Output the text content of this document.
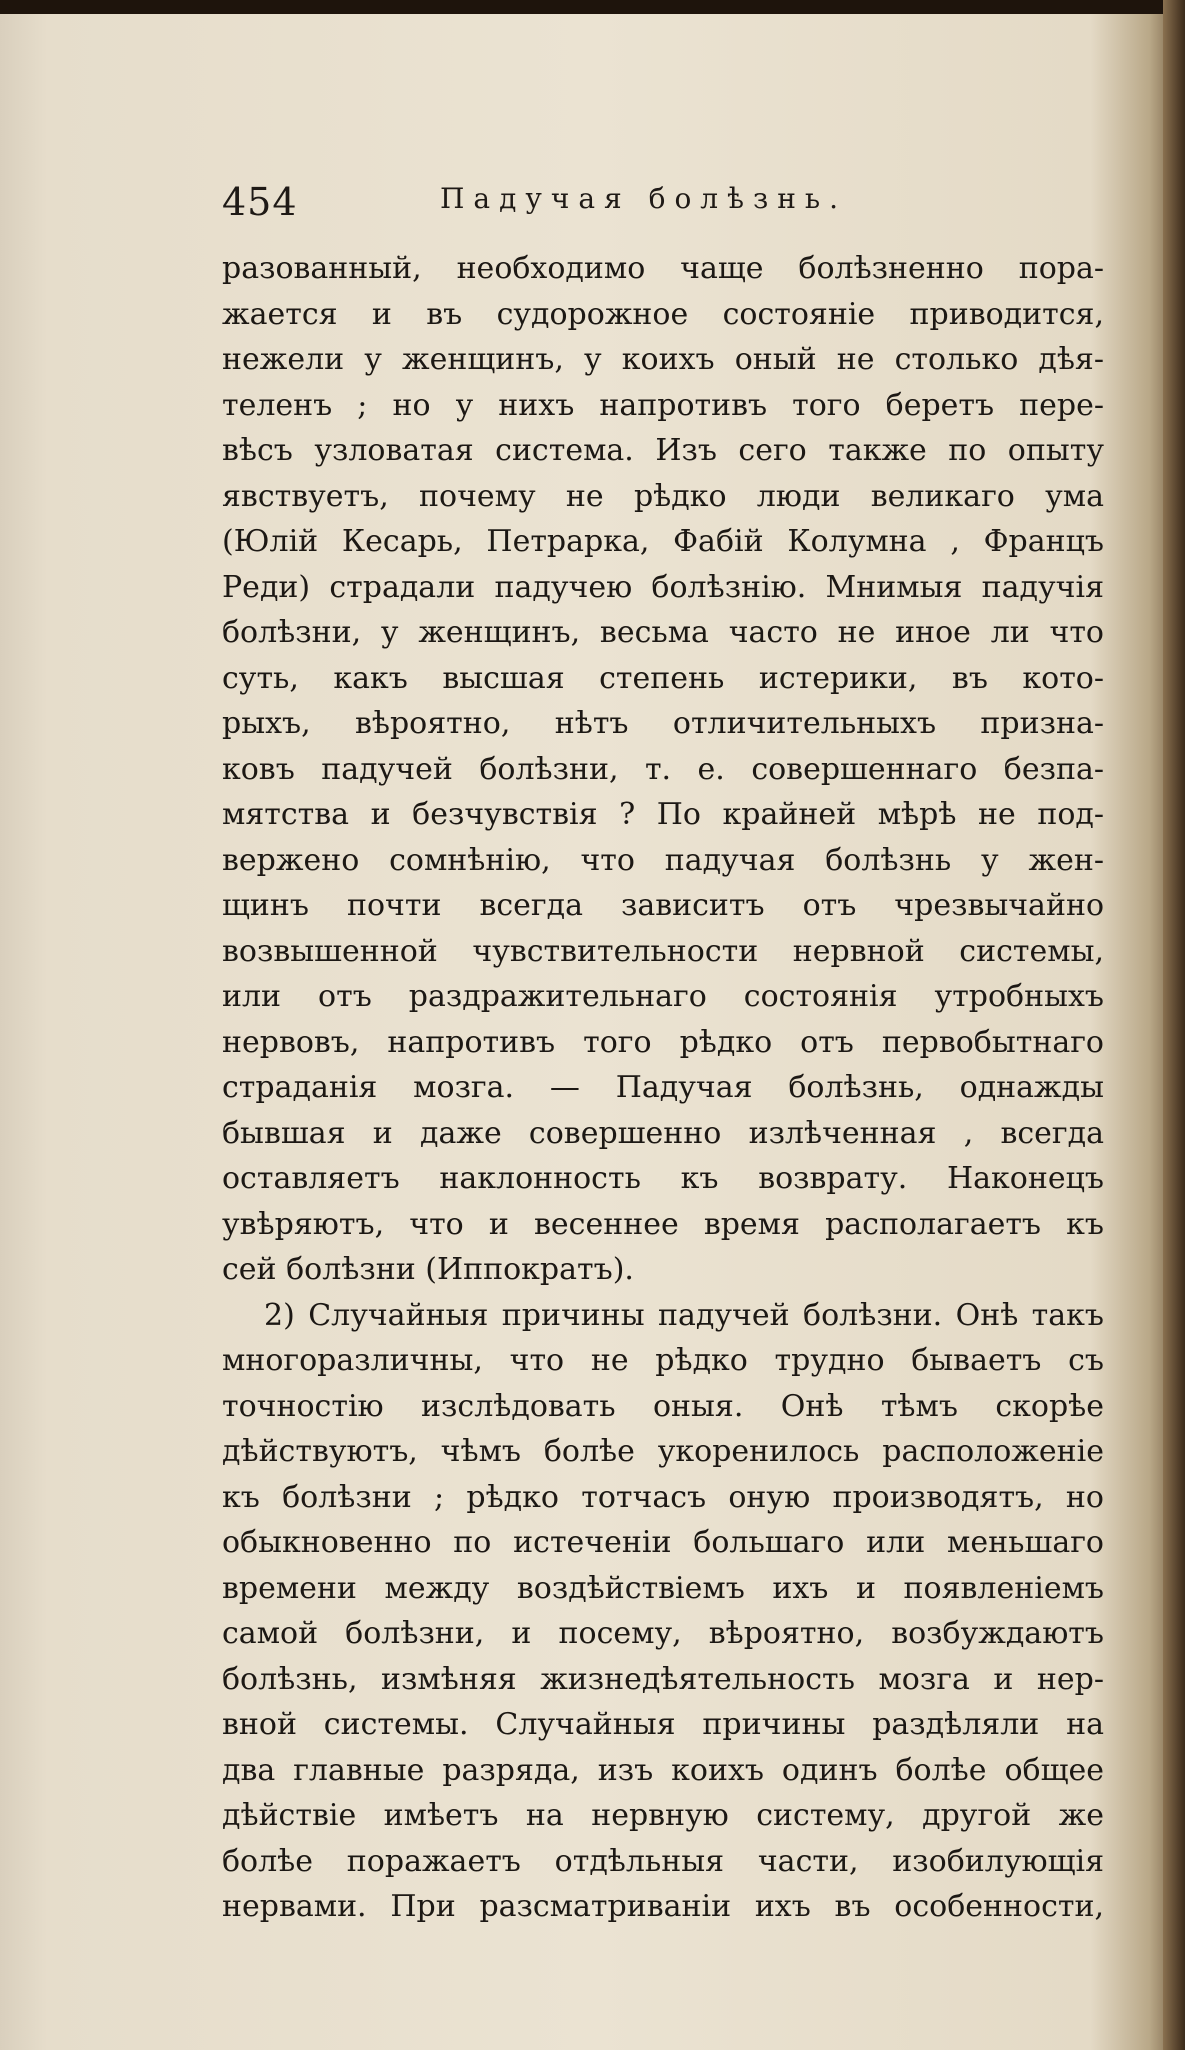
454	Падучая болѣзнь.
разованный, необходимо чаще болѣзненно пора-
жается и въ судорожное состояніе приводится,
нежели у женщинъ, у коихъ оный не столько дѣя-
теленъ ; но у нихъ напротивъ того беретъ пере-
вѣсъ узловатая система. Изъ сего также по опыту
явствуетъ, почему не рѣдко люди великаго ума
(Юлій Кесарь, Петрарка, Фабій Колумна , Францъ
Реди) страдали падучею болѣзнію. Мнимыя падучія
болѣзни, у женщинъ, весьма часто не иное ли что
суть, какъ высшая степень истерики, въ кото-
рыхъ, вѣроятно, нѣтъ отличительныхъ призна-
ковъ падучей болѣзни, т. е. совершеннаго безпа-
мятства и безчувствія ? По крайней мѣрѣ не под-
вержено сомнѣнію, что падучая болѣзнь у жен-
щинъ почти всегда зависитъ отъ чрезвычайно
возвышенной чувствительности нервной системы,
или отъ раздражительнаго состоянія утробныхъ
нервовъ, напротивъ того рѣдко отъ первобытнаго
страданія мозга. — Падучая болѣзнь, однажды
бывшая и даже совершенно излѣченная , всегда
оставляетъ наклонность къ возврату. Наконецъ
увѣряютъ, что и весеннее время располагаетъ къ
сей болѣзни (Иппократъ).
2) Случайныя причины падучей болѣзни. Онѣ такъ
многоразличны, что не рѣдко трудно бываетъ съ
точностію изслѣдовать оныя. Онѣ тѣмъ скорѣе
дѣйствуютъ, чѣмъ болѣе укоренилось расположеніе
къ болѣзни ; рѣдко тотчасъ оную производятъ, но
обыкновенно по истеченіи большаго или меньшаго
времени между воздѣйствіемъ ихъ и появленіемъ
самой болѣзни, и посему, вѣроятно, возбуждаютъ
болѣзнь, измѣняя жизнедѣятельность мозга и нер-
вной системы. Случайныя причины раздѣляли на
два главные разряда, изъ коихъ одинъ болѣе общее
дѣйствіе имѣетъ на нервную систему, другой же
болѣе поражаетъ отдѣльныя части, изобилующія
нервами. При разсматриваніи ихъ въ особенности,
